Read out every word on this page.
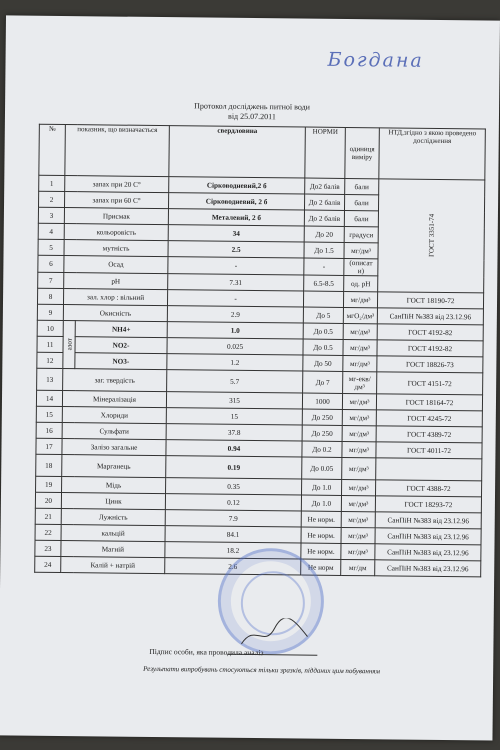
Богдана
Протокол досліджень питної води
від 25.07.2011
№	показник, що визначається		свердловина	НОРМИ	одиниця виміру	НТД,згідно з якою проведено дослідження
1	запах при 20 С°		Сірководневий,2 б	До2 балів	бали	ГОСТ 3351-74

2	запах при 60 С°		Сірководневий, 2 б	До 2 балів	бали	
3	Присмак		Металевий, 2 б	До 2 балів	бали	
4	кольоровість		34	До 20	градуси	
5	мутність		2.5	До 1.5	мг/дм³	
6	Осад		-	-	(описат и)	
7	pH		7.31	6.5-8.5	од. pH	
8	зал. хлор : вільний		-		мг/дм³	ГОСТ 18190-72
9	Окисність		2.9	До 5	мгО₂/дм³	СанПіН №383 від 23.12.96
10	азот	NH4+	1.0	До 0.5	мг/дм³	ГОСТ 4192-82
11		NO2-	0.025	До 0.5	мг/дм³	ГОСТ 4192-82
12		NO3-	1.2	До 50	мг/дм³	ГОСТ 18826-73
13	заг. твердість		5.7	До 7	мг-екв/дм³	ГОСТ 4151-72
14	Мінералізація		315	1000	мг/дм³	ГОСТ 18164-72
15	Хлориди		15	До 250	мг/дм³	ГОСТ 4245-72
16	Сульфати		37.8	До 250	мг/дм³	ГОСТ 4389-72
17	Залізо загальне		0.94	До 0.2	мг/дм³	ГОСТ 4011-72
18	Марганець		0.19	До 0.05	мг/дм³	
19	Мідь		0.35	До 1.0	мг/дм³	ГОСТ 4388-72
20	Цинк		0.12	До 1.0	мг/дм³	ГОСТ 18293-72
21	Лужність		7.9	Не норм.	мг/дм³	СанПіН №383 від 23.12.96
22	кальцій		84.1	Не норм.	мг/дм³	СанПіН №383 від 23.12.96
23	Магній		18.2	Не норм.	мг/дм³	СанПіН №383 від 23.12.96
24	Калій + натрій		2.6	Не норм	мг/дм	СанПіН №383 від 23.12.96
Підпис особи, яка проводила аналіз
Результати випробувань стосуються тільки зразків, підданих цим побуванням
